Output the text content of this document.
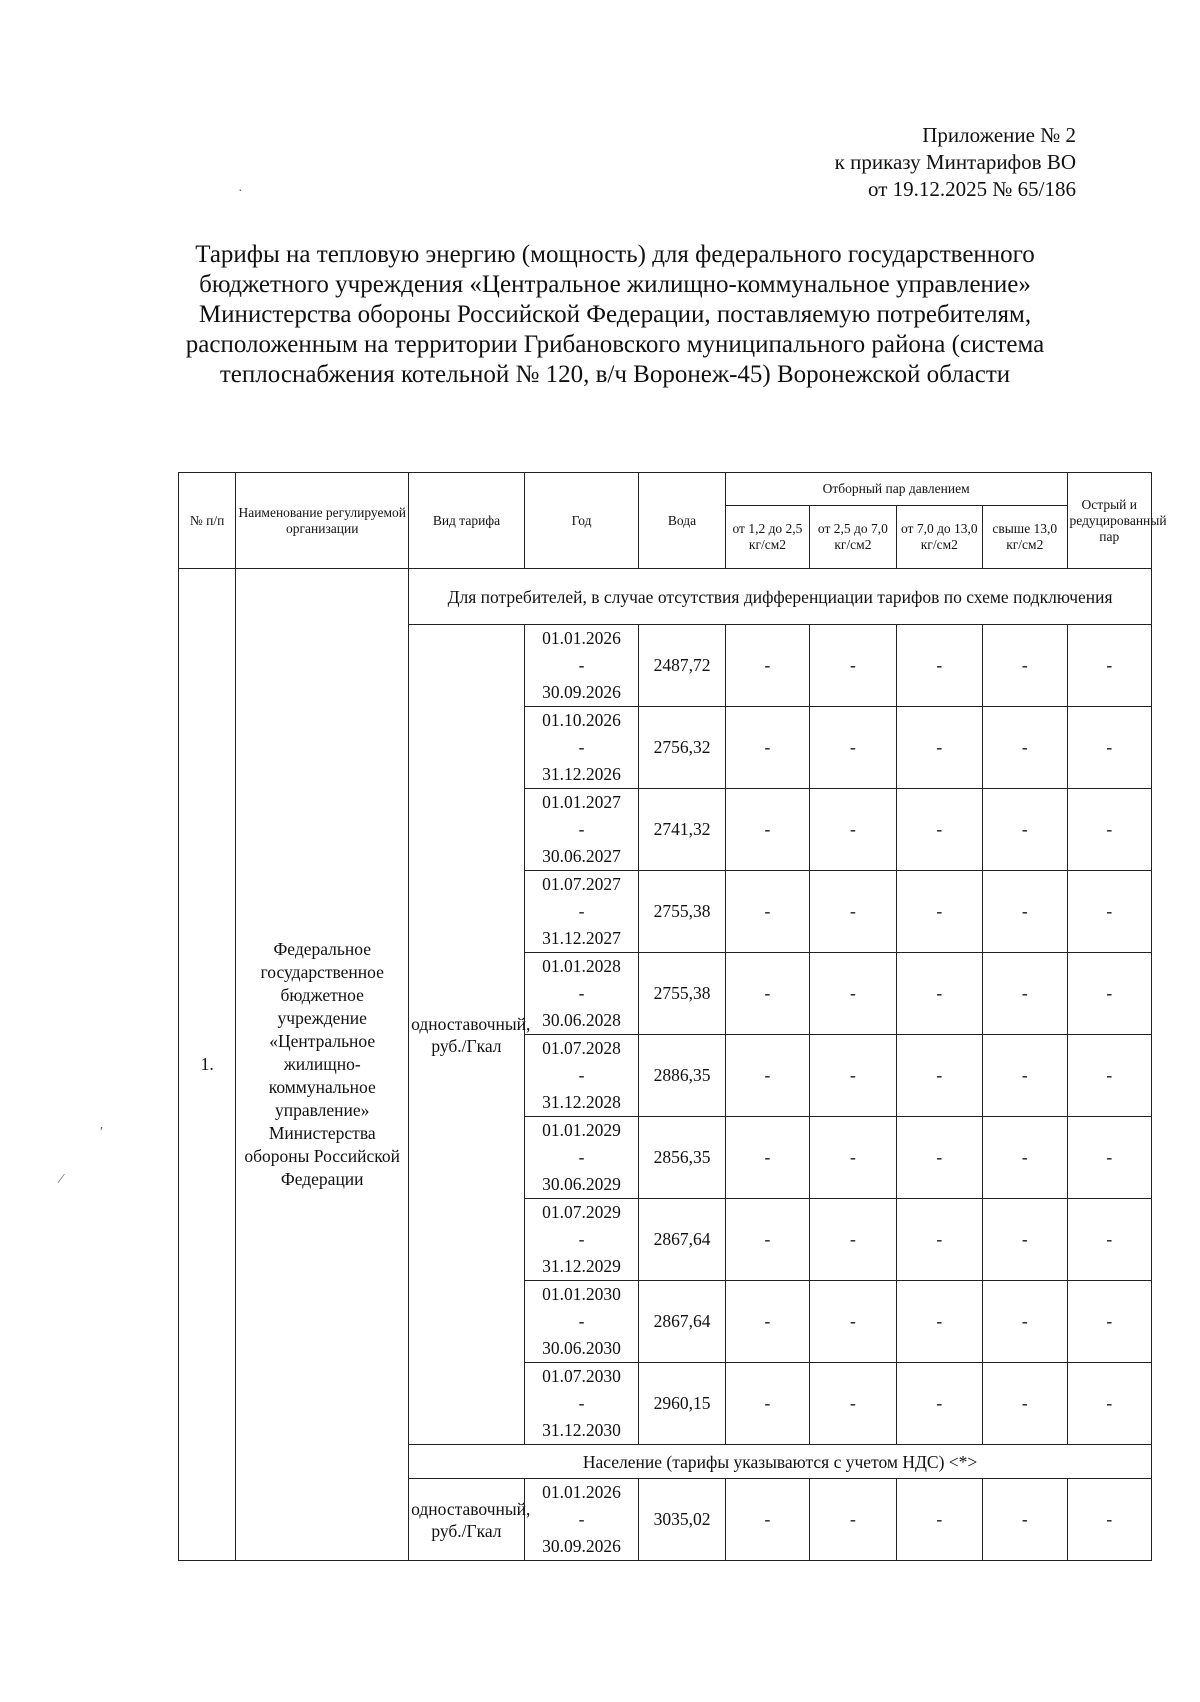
Приложение № 2
к приказу Минтарифов ВО
от 19.12.2025 № 65/186
Тарифы на тепловую энергию (мощность) для федерального государственного бюджетного учреждения «Центральное жилищно-коммунальное управление» Министерства обороны Российской Федерации, поставляемую потребителям, расположенным на территории Грибановского муниципального района (система теплоснабжения котельной № 120, в/ч Воронеж-45) Воронежской области
·
′
⁄
№ п/п	Наименование регулируемой организации	Вид тарифа	Год	Вода	Отборный пар давлением				Острый и редуцированный пар
					от 1,2 до 2,5 кг/см2	от 2,5 до 7,0 кг/см2	от 7,0 до 13,0 кг/см2	свыше 13,0 кг/см2	
1.	Федеральное государственное бюджетное учреждение «Центральное жилищно-коммунальное управление» Министерства обороны Российской Федерации	Для потребителей, в случае отсутствия дифференциации тарифов по схеме подключения							
		одноставочный, руб./Гкал	01.01.2026
-
30.09.2026	2487,72	-	-	-	-	-

			01.10.2026
-
31.12.2026	2756,32	-	-	-	-	-

			01.01.2027
-
30.06.2027	2741,32	-	-	-	-	-

			01.07.2027
-
31.12.2027	2755,38	-	-	-	-	-

			01.01.2028
-
30.06.2028	2755,38	-	-	-	-	-

			01.07.2028
-
31.12.2028	2886,35	-	-	-	-	-

			01.01.2029
-
30.06.2029	2856,35	-	-	-	-	-

			01.07.2029
-
31.12.2029	2867,64	-	-	-	-	-

			01.01.2030
-
30.06.2030	2867,64	-	-	-	-	-

			01.07.2030
-
31.12.2030	2960,15	-	-	-	-	-
		Население (тарифы указываются с учетом НДС) <*>							
		одноставочный, руб./Гкал	01.01.2026
-
30.09.2026	3035,02	-	-	-	-	-
